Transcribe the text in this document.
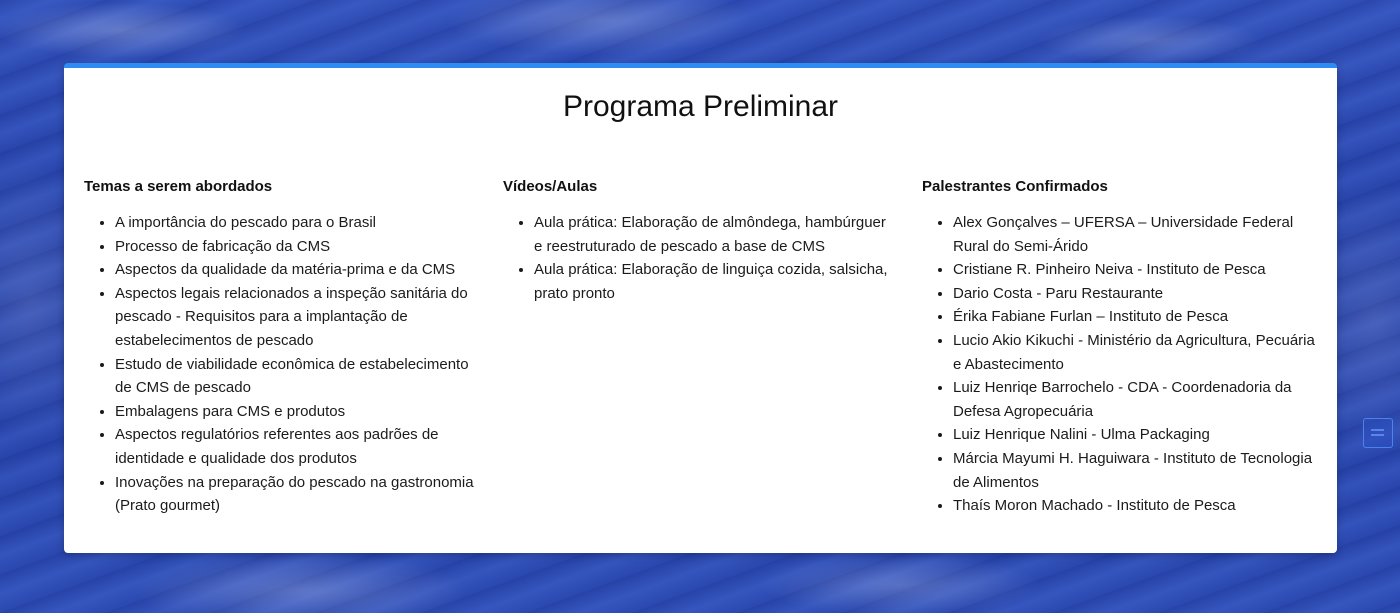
Programa Preliminar
Temas a serem abordados
• A importância do pescado para o Brasil
• Processo de fabricação da CMS
• Aspectos da qualidade da matéria-prima e da CMS
• Aspectos legais relacionados a inspeção sanitária do pescado - Requisitos para a implantação de estabelecimentos de pescado
• Estudo de viabilidade econômica de estabelecimento de CMS de pescado
• Embalagens para CMS e produtos
• Aspectos regulatórios referentes aos padrões de identidade e qualidade dos produtos
• Inovações na preparação do pescado na gastronomia (Prato gourmet)
Vídeos/Aulas
• Aula prática: Elaboração de almôndega, hambúrguer e reestruturado de pescado a base de CMS
• Aula prática: Elaboração de linguiça cozida, salsicha, prato pronto
Palestrantes Confirmados
• Alex Gonçalves – UFERSA – Universidade Federal Rural do Semi-Árido
• Cristiane R. Pinheiro Neiva - Instituto de Pesca
• Dario Costa - Paru Restaurante
• Érika Fabiane Furlan – Instituto de Pesca
• Lucio Akio Kikuchi - Ministério da Agricultura, Pecuária e Abastecimento
• Luiz Henriqe Barrochelo - CDA - Coordenadoria da Defesa Agropecuária
• Luiz Henrique Nalini - Ulma Packaging
• Márcia Mayumi H. Haguiwara - Instituto de Tecnologia de Alimentos
• Thaís Moron Machado - Instituto de Pesca
